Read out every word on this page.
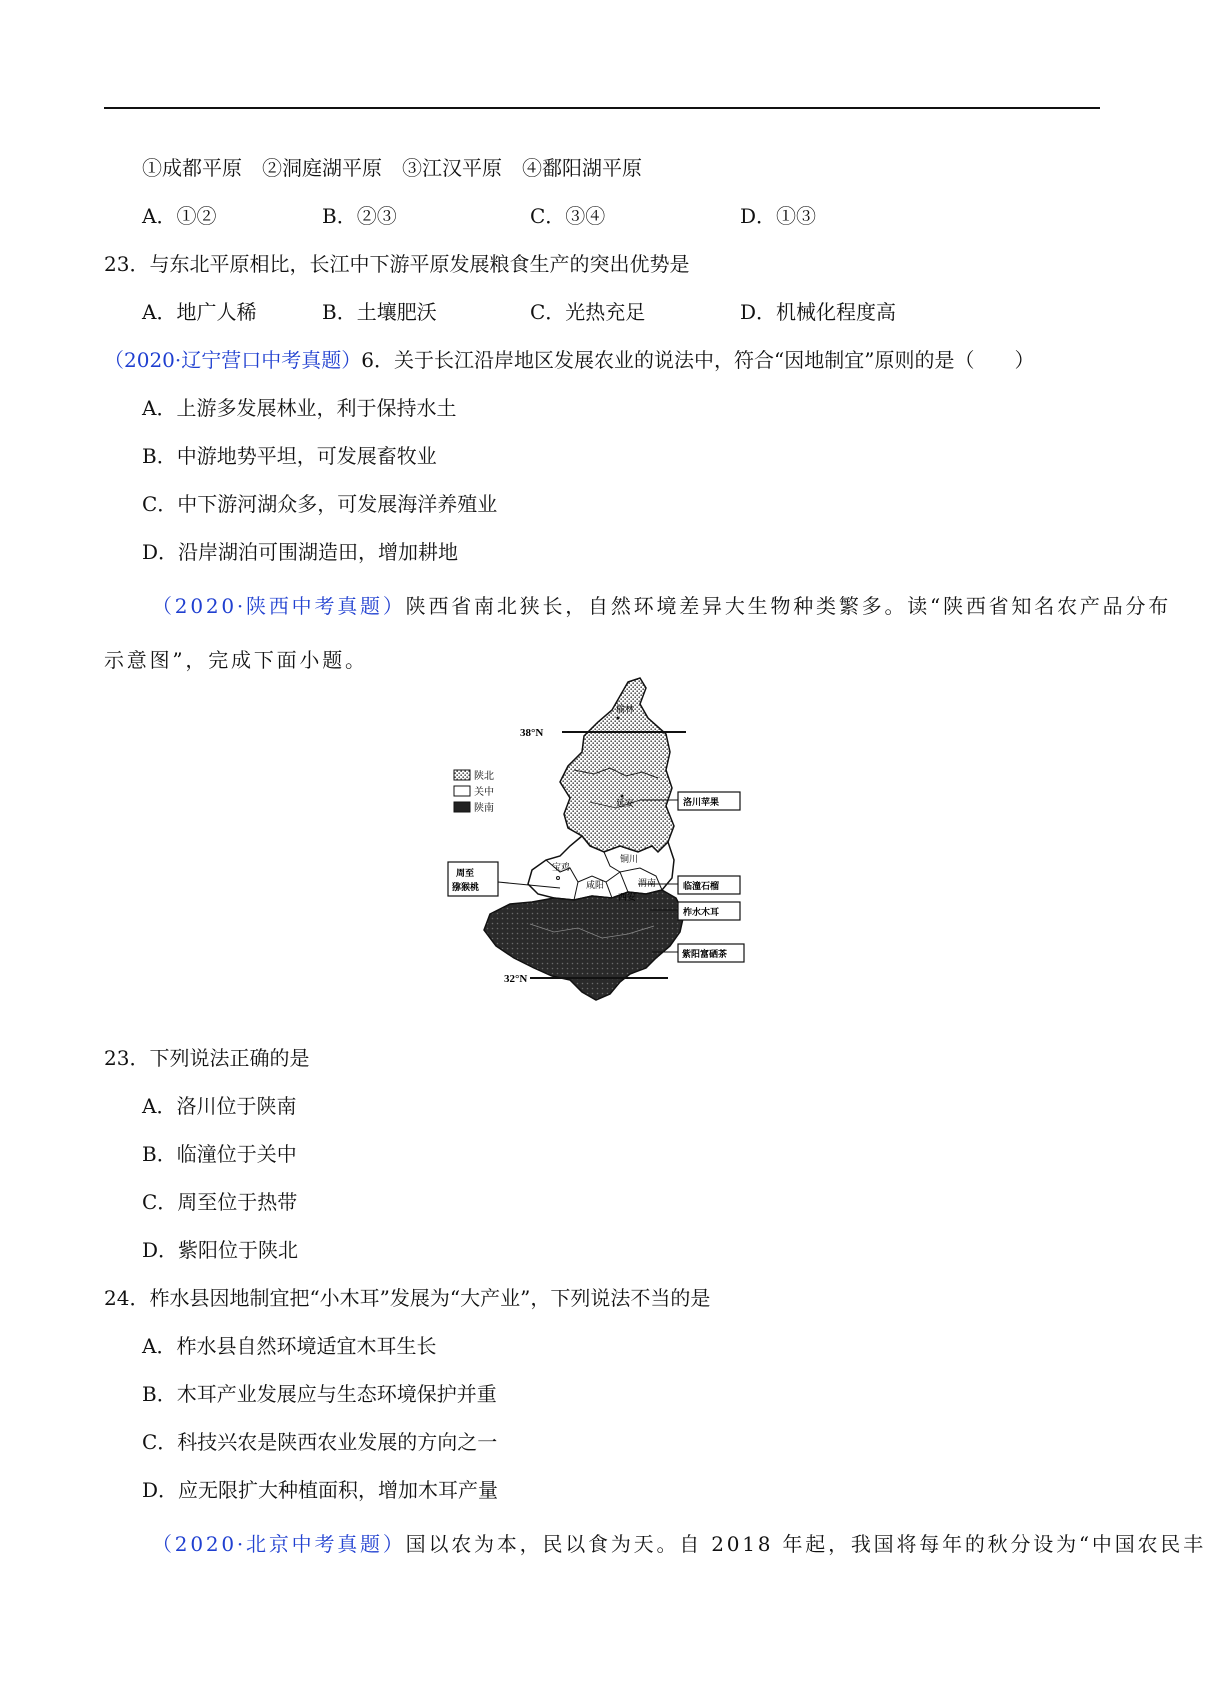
①成都平原　②洞庭湖平原　③江汉平原　④鄱阳湖平原
A．①②	B．②③	C．③④	D．①③
23．与东北平原相比，长江中下游平原发展粮食生产的突出优势是
A．地广人稀	B．土壤肥沃	C．光热充足	D．机械化程度高
（2020·辽宁营口中考真题）6．关于长江沿岸地区发展农业的说法中，符合“因地制宜”原则的是（　　）
A．上游多发展林业，利于保持水土
B．中游地势平坦，可发展畜牧业
C．中下游河湖众多，可发展海洋养殖业
D．沿岸湖泊可围湖造田，增加耕地
（2020·陕西中考真题）陕西省南北狭长，自然环境差异大生物种类繁多。读“陕西省知名农产品分布
示意图”，完成下面小题。
38°N
32°N
陕北
关中
陕南
榆林
延安
铜川
宝鸡
咸阳	渭南
西安
洛川苹果
临潼石榴
柞水木耳
紫阳富硒茶
周至
猕猴桃
23．下列说法正确的是
A．洛川位于陕南
B．临潼位于关中
C．周至位于热带
D．紫阳位于陕北
24．柞水县因地制宜把“小木耳”发展为“大产业”，下列说法不当的是
A．柞水县自然环境适宜木耳生长
B．木耳产业发展应与生态环境保护并重
C．科技兴农是陕西农业发展的方向之一
D．应无限扩大种植面积，增加木耳产量
（2020·北京中考真题）国以农为本，民以食为天。自 2018 年起，我国将每年的秋分设为“中国农民丰
